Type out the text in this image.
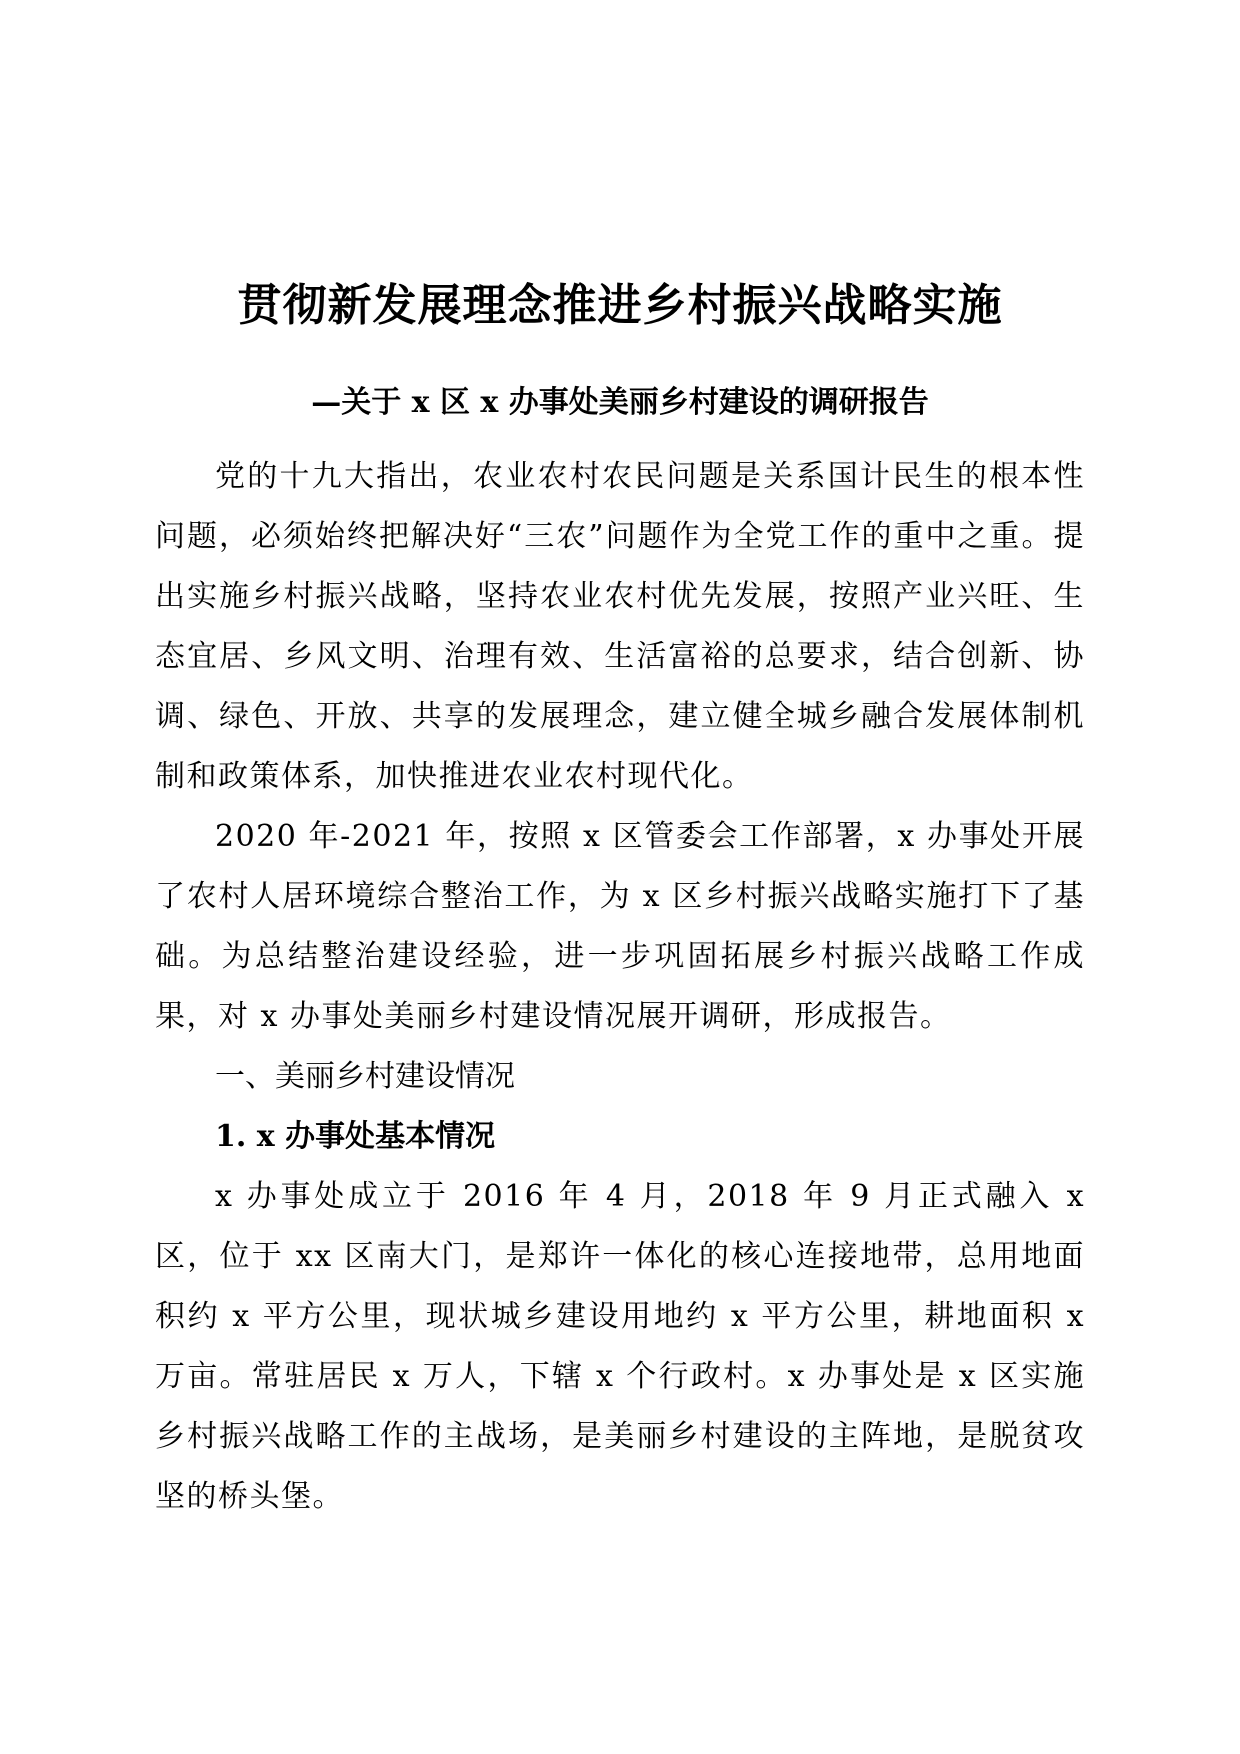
贯彻新发展理念推进乡村振兴战略实施
—关于 x 区 x 办事处美丽乡村建设的调研报告

党的十九大指出，农业农村农民问题是关系国计民生的根本性问题，必须始终把解决好“三农”问题作为全党工作的重中之重。提出实施乡村振兴战略，坚持农业农村优先发展，按照产业兴旺、生态宜居、乡风文明、治理有效、生活富裕的总要求，结合创新、协调、绿色、开放、共享的发展理念，建立健全城乡融合发展体制机制和政策体系，加快推进农业农村现代化。

2020 年-2021 年，按照 x 区管委会工作部署，x 办事处开展了农村人居环境综合整治工作，为 x 区乡村振兴战略实施打下了基础。为总结整治建设经验，进一步巩固拓展乡村振兴战略工作成果，对 x 办事处美丽乡村建设情况展开调研，形成报告。

一、美丽乡村建设情况
1. x 办事处基本情况

x 办事处成立于 2016 年 4 月，2018 年 9 月正式融入 x 区，位于 xx 区南大门，是郑许一体化的核心连接地带，总用地面积约 x 平方公里，现状城乡建设用地约 x 平方公里，耕地面积 x 万亩。常驻居民 x 万人，下辖 x 个行政村。x 办事处是 x 区实施乡村振兴战略工作的主战场，是美丽乡村建设的主阵地，是脱贫攻坚的桥头堡。
